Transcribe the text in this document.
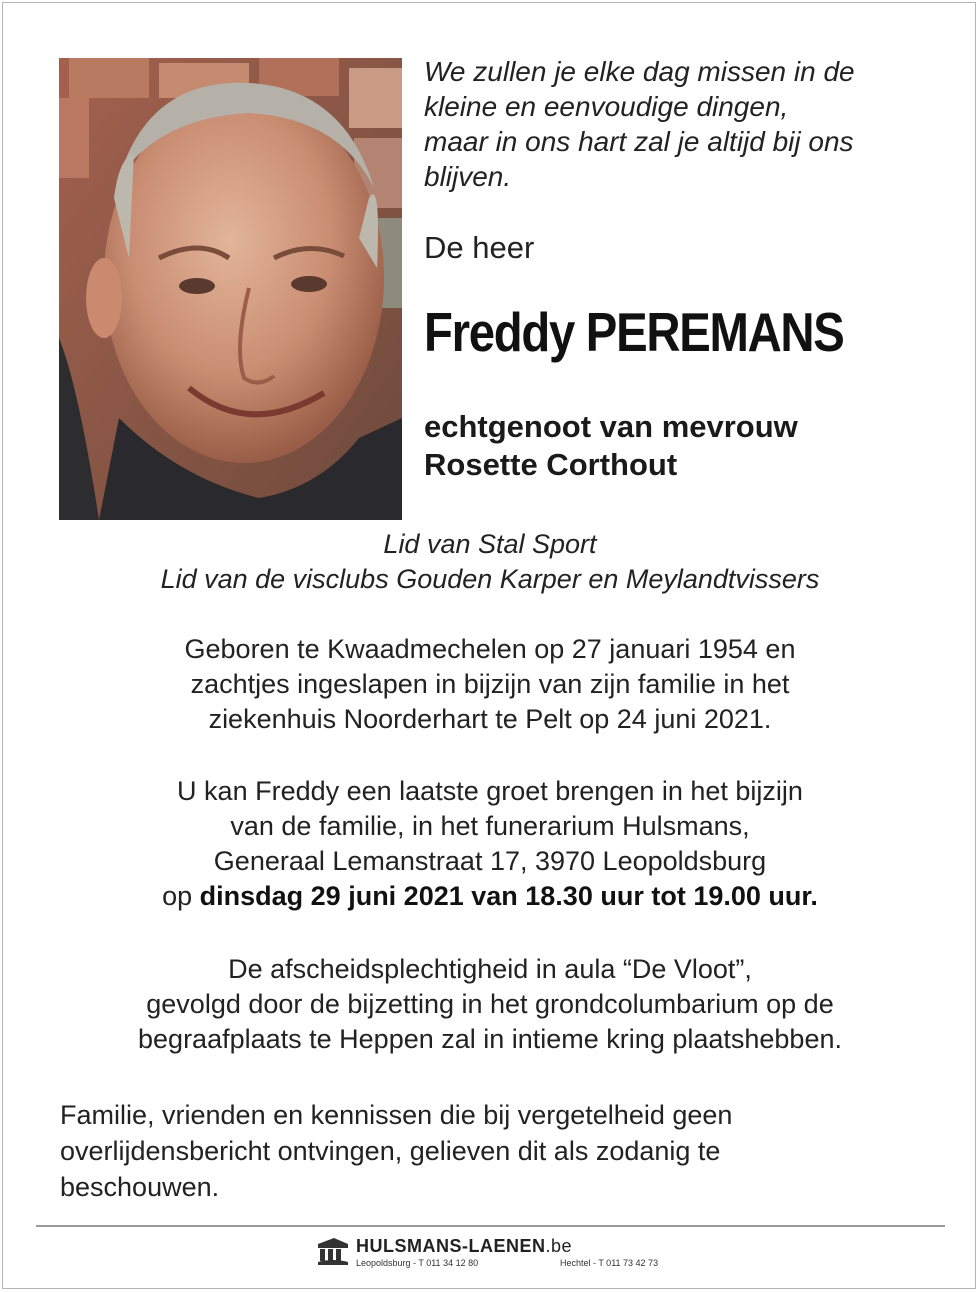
We zullen je elke dag missen in de
kleine en eenvoudige dingen,
maar in ons hart zal je altijd bij ons
blijven.
De heer
Freddy PEREMANS
echtgenoot van mevrouw
Rosette Corthout
Lid van Stal Sport
Lid van de visclubs Gouden Karper en Meylandtvissers
Geboren te Kwaadmechelen op 27 januari 1954 en
zachtjes ingeslapen in bijzijn van zijn familie in het
ziekenhuis Noorderhart te Pelt op 24 juni 2021.
U kan Freddy een laatste groet brengen in het bijzijn
van de familie, in het funerarium Hulsmans,
Generaal Lemanstraat 17, 3970 Leopoldsburg
op dinsdag 29 juni 2021 van 18.30 uur tot 19.00 uur.
De afscheidsplechtigheid in aula “De Vloot”,
gevolgd door de bijzetting in het grondcolumbarium op de
begraafplaats te Heppen zal in intieme kring plaatshebben.
Familie, vrienden en kennissen die bij vergetelheid geen
overlijdensbericht ontvingen, gelieven dit als zodanig te
beschouwen.
HULSMANS-LAENEN.be
Leopoldsburg - T 011 34 12 80	Hechtel - T 011 73 42 73
